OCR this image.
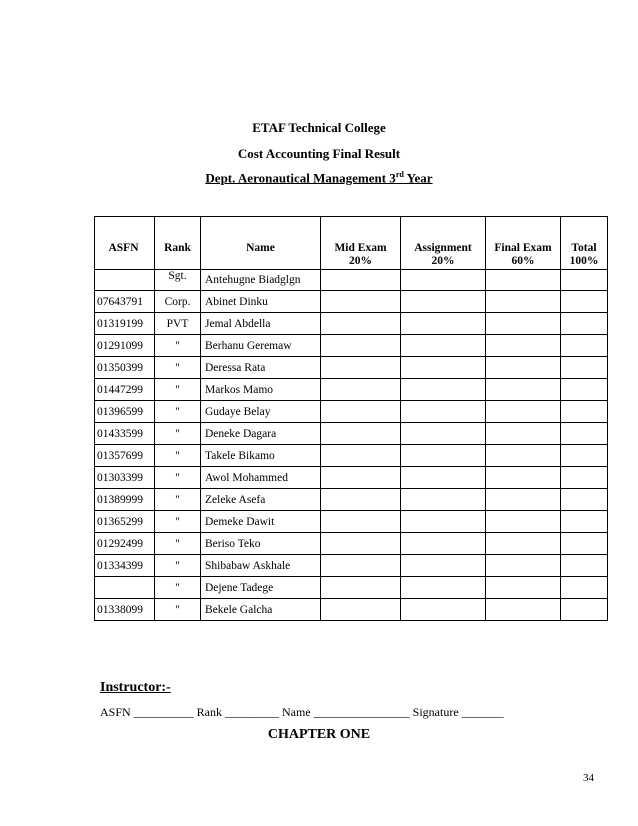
ETAF Technical College
Cost Accounting Final Result
Dept. Aeronautical Management 3rd Year
ASFN	Rank	Name	Mid Exam	Assignment	Final Exam	Total
			20%	20%	60%	100%
	Sgt.	Antehugne Biadglgn				
07643791	Corp.	Abinet Dinku				
01319199	PVT	Jemal Abdella				
01291099	"	Berhanu Geremaw				
01350399	"	Deressa Rata				
01447299	"	Markos Mamo				
01396599	"	Gudaye Belay				
01433599	"	Deneke Dagara				
01357699	"	Takele Bikamo				
01303399	"	Awol Mohammed				
01389999	"	Zeleke Asefa				
01365299	"	Demeke Dawit				
01292499	"	Beriso Teko				
01334399	"	Shibabaw Askhale				
	"	Dejene Tadege				
01338099	"	Bekele Galcha				
Instructor:-
ASFN __________ Rank _________ Name ________________ Signature _______
CHAPTER ONE
34
